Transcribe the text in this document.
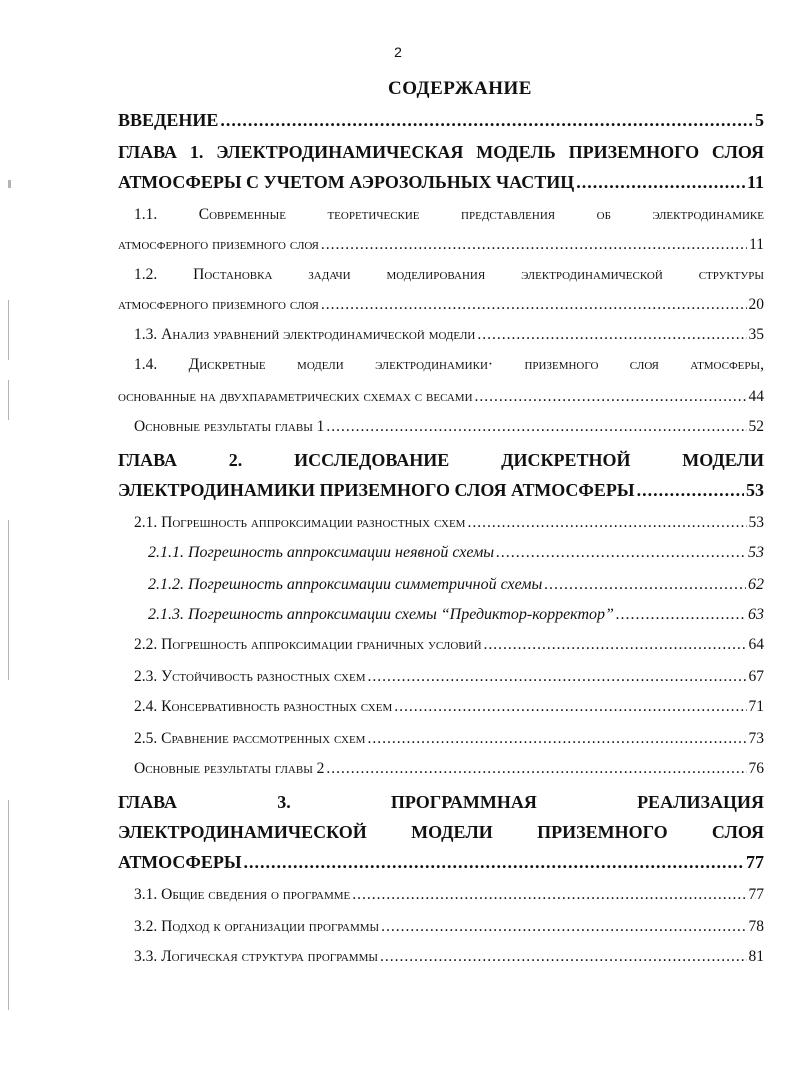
2
СОДЕРЖАНИЕ
ВВЕДЕНИЕ .....	5
ГЛАВА 1. ЭЛЕКТРОДИНАМИЧЕСКАЯ МОДЕЛЬ ПРИЗЕМНОГО СЛОЯ
АТМОСФЕРЫ С УЧЕТОМ АЭРОЗОЛЬНЫХ ЧАСТИЦ .....	11
1.1.	Современные	теоретические	представления	об	электродинамике
атмосферного приземного слоя .....	11
1.2. Постановка задачи моделирования электродинамической структуры
атмосферного приземного слоя .....	20
1.3. Анализ уравнений электродинамической модели .....	35
1.4. Дискретные модели электродинамики· приземного слоя атмосферы,
основанные на двухпараметрических схемах с весами .....	44
Основные результаты главы 1 .....	52
ГЛАВА	2.	ИССЛЕДОВАНИЕ	ДИСКРЕТНОЙ	МОДЕЛИ
ЭЛЕКТРОДИНАМИКИ ПРИЗЕМНОГО СЛОЯ АТМОСФЕРЫ .....	53
2.1. Погрешность аппроксимации разностных схем .....	53
2.1.1. Погрешность аппроксимации неявной схемы .....	53
2.1.2. Погрешность аппроксимации симметричной схемы .....	62
2.1.3. Погрешность аппроксимации схемы “Предиктор-корректор” .....	63
2.2. Погрешность аппроксимации граничных условий .....	64
2.3. Устойчивость разностных схем .....	67
2.4. Консервативность разностных схем .....	71
2.5. Сравнение рассмотренных схем .....	73
Основные результаты главы 2 .....	76
ГЛАВА	3.	ПРОГРАММНАЯ	РЕАЛИЗАЦИЯ
ЭЛЕКТРОДИНАМИЧЕСКОЙ МОДЕЛИ ПРИЗЕМНОГО СЛОЯ
АТМОСФЕРЫ .....	77
3.1. Общие сведения о программе .....	77
3.2. Подход к организации программы .....	78
3.3. Логическая структура программы .....	81
